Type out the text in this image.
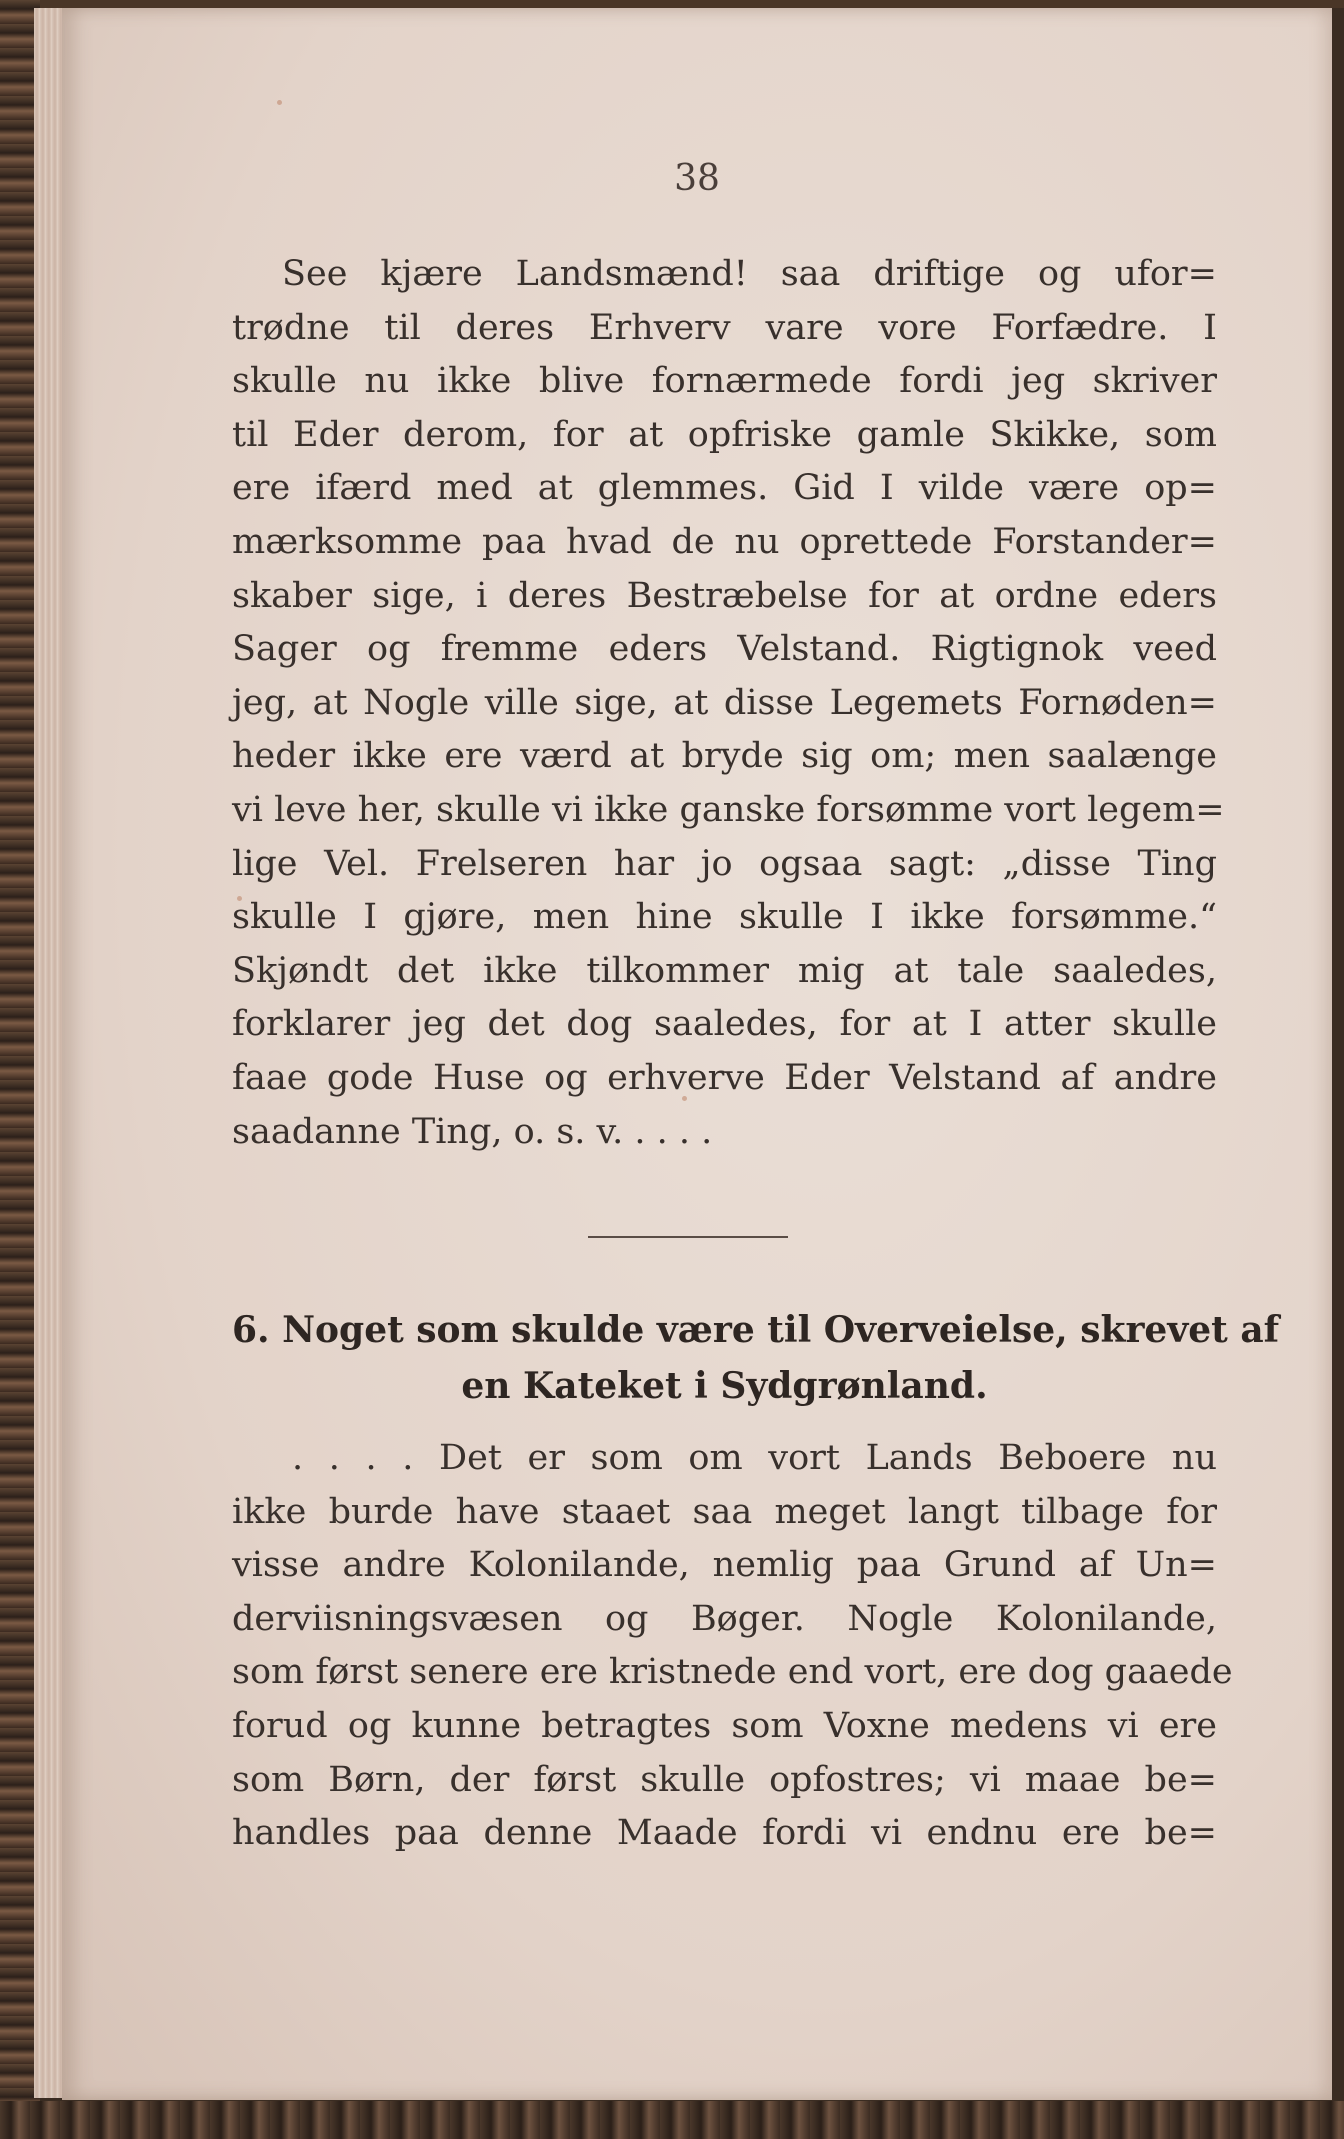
38
See kjære Landsmænd! saa driftige og ufor=
trødne til deres Erhverv vare vore Forfædre. I
skulle nu ikke blive fornærmede fordi jeg skriver
til Eder derom, for at opfriske gamle Skikke, som
ere ifærd med at glemmes. Gid I vilde være op=
mærksomme paa hvad de nu oprettede Forstander=
skaber sige, i deres Bestræbelse for at ordne eders
Sager og fremme eders Velstand. Rigtignok veed
jeg, at Nogle ville sige, at disse Legemets Fornøden=
heder ikke ere værd at bryde sig om; men saalænge
vi leve her, skulle vi ikke ganske forsømme vort legem=
lige Vel. Frelseren har jo ogsaa sagt: „disse Ting
skulle I gjøre, men hine skulle I ikke forsømme.“
Skjøndt det ikke tilkommer mig at tale saaledes,
forklarer jeg det dog saaledes, for at I atter skulle
faae gode Huse og erhverve Eder Velstand af andre
saadanne Ting, o. s. v. . . . .
6. Noget som skulde være til Overveielse, skrevet af
en Kateket i Sydgrønland.
. . . . Det er som om vort Lands Beboere nu
ikke burde have staaet saa meget langt tilbage for
visse andre Kolonilande, nemlig paa Grund af Un=
derviisningsvæsen og Bøger. Nogle Kolonilande,
som først senere ere kristnede end vort, ere dog gaaede
forud og kunne betragtes som Voxne medens vi ere
som Børn, der først skulle opfostres; vi maae be=
handles paa denne Maade fordi vi endnu ere be=
